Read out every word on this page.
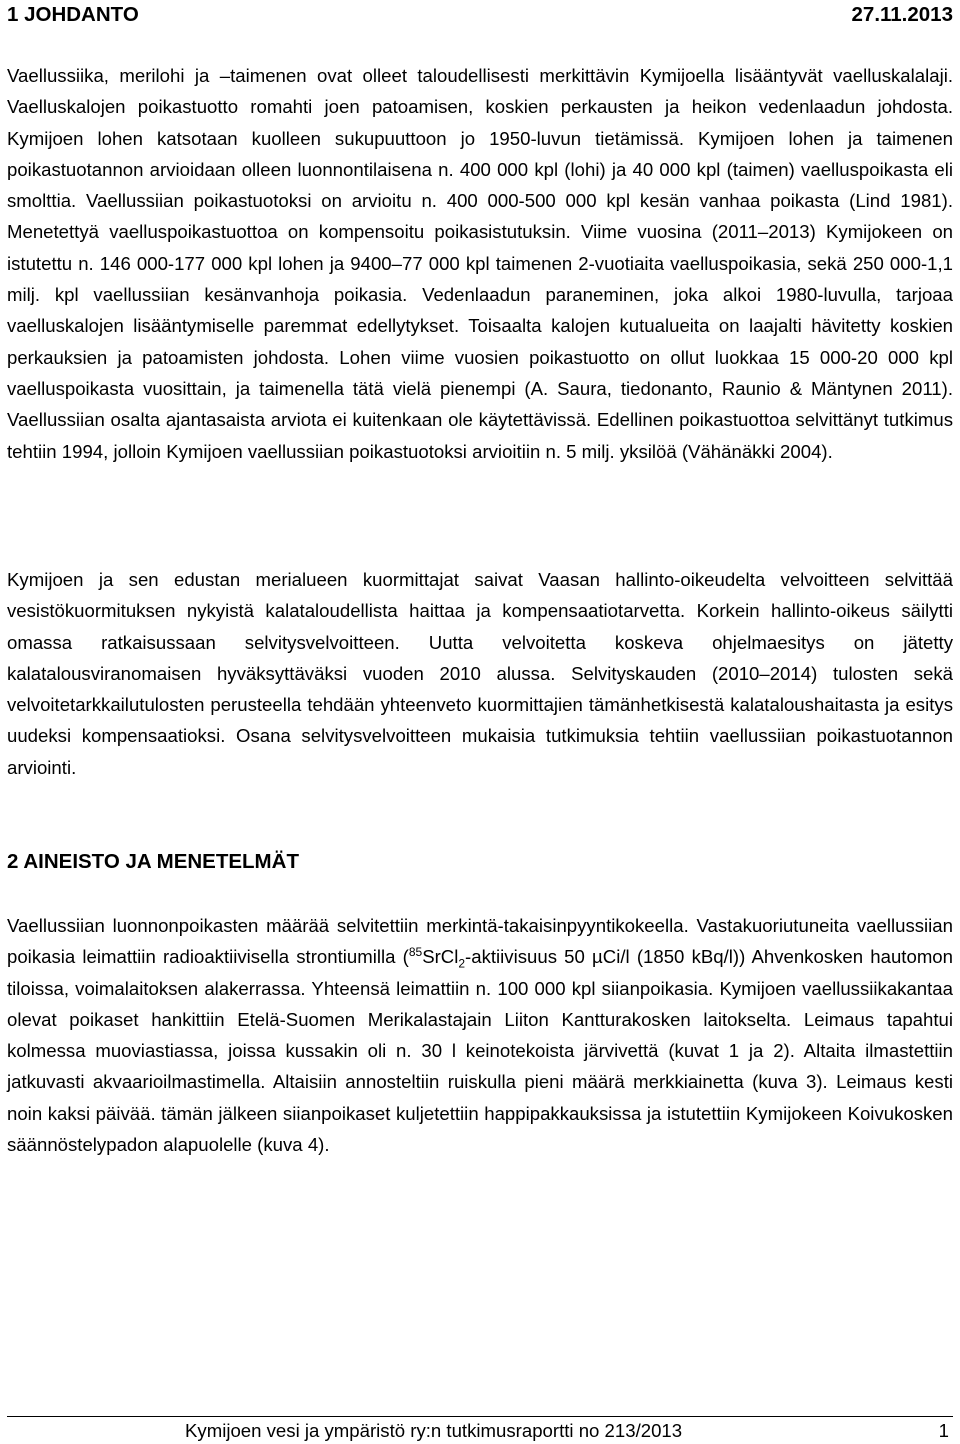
1 JOHDANTO	27.11.2013

Vaellussiika, merilohi ja –taimenen ovat olleet taloudellisesti merkittävin Kymijoella lisääntyvät vaelluskalalaji. Vaelluskalojen poikastuotto romahti joen patoamisen, koskien perkausten ja heikon vedenlaadun johdosta. Kymijoen lohen katsotaan kuolleen sukupuuttoon jo 1950-luvun tietämissä. Kymijoen lohen ja taimenen poikastuotannon arvioidaan olleen luonnontilaisena n. 400 000 kpl (lohi) ja 40 000 kpl (taimen) vaelluspoikasta eli smolttia. Vaellussiian poikastuotoksi on arvioitu n. 400 000-500 000 kpl kesän vanhaa poikasta (Lind 1981). Menetettyä vaelluspoikastuottoa on kompensoitu poikasistutuksin. Viime vuosina (2011–2013) Kymijokeen on istutettu n. 146 000-177 000 kpl lohen ja 9400–77 000 kpl taimenen 2-vuotiaita vaelluspoikasia, sekä 250 000-1,1 milj. kpl vaellussiian kesänvanhoja poikasia. Vedenlaadun paraneminen, joka alkoi 1980-luvulla, tarjoaa vaelluskalojen lisääntymiselle paremmat edellytykset. Toisaalta kalojen kutualueita on laajalti hävitetty koskien perkauksien ja patoamisten johdosta. Lohen viime vuosien poikastuotto on ollut luokkaa 15 000-20 000 kpl vaelluspoikasta vuosittain, ja taimenella tätä vielä pienempi (A. Saura, tiedonanto, Raunio & Mäntynen 2011). Vaellussiian osalta ajantasaista arviota ei kuitenkaan ole käytettävissä. Edellinen poikastuottoa selvittänyt tutkimus tehtiin 1994, jolloin Kymijoen vaellussiian poikastuotoksi arvioitiin n. 5 milj. yksilöä (Vähänäkki 2004).

Kymijoen ja sen edustan merialueen kuormittajat saivat Vaasan hallinto-oikeudelta velvoitteen selvittää vesistökuormituksen nykyistä kalataloudellista haittaa ja kompensaatiotarvetta. Korkein hallinto-oikeus säilytti omassa ratkaisussaan selvitysvelvoitteen. Uutta velvoitetta koskeva ohjelmaesitys on jätetty kalatalousviranomaisen hyväksyttäväksi vuoden 2010 alussa. Selvityskauden (2010–2014) tulosten sekä velvoitetarkkailutulosten perusteella tehdään yhteenveto kuormittajien tämänhetkisestä kalataloushaitasta ja esitys uudeksi kompensaatioksi. Osana selvitysvelvoitteen mukaisia tutkimuksia tehtiin vaellussiian poikastuotannon arviointi.

2 AINEISTO JA MENETELMÄT

Vaellussiian luonnonpoikasten määrää selvitettiin merkintä-takaisinpyyntikokeella. Vastakuoriutuneita vaellussiian poikasia leimattiin radioaktiivisella strontiumilla ($^{85}$SrCl$_2$-aktiivisuus 50 µCi/l (1850 kBq/l)) Ahvenkosken hautomon tiloissa, voimalaitoksen alakerrassa. Yhteensä leimattiin n. 100 000 kpl siianpoikasia. Kymijoen vaellussiikakantaa olevat poikaset hankittiin Etelä-Suomen Merikalastajain Liiton Kantturakosken laitokselta. Leimaus tapahtui kolmessa muoviastiassa, joissa kussakin oli n. 30 l keinotekoista järvivettä (kuvat 1 ja 2). Altaita ilmastettiin jatkuvasti akvaarioilmastimella. Altaisiin annosteltiin ruiskulla pieni määrä merkkiainetta (kuva 3). Leimaus kesti noin kaksi päivää. tämän jälkeen siianpoikaset kuljetettiin happipakkauksissa ja istutettiin Kymijokeen Koivukosken säännöstelypadon alapuolelle (kuva 4).

Kymijoen vesi ja ympäristö ry:n tutkimusraportti no 213/2013	1
